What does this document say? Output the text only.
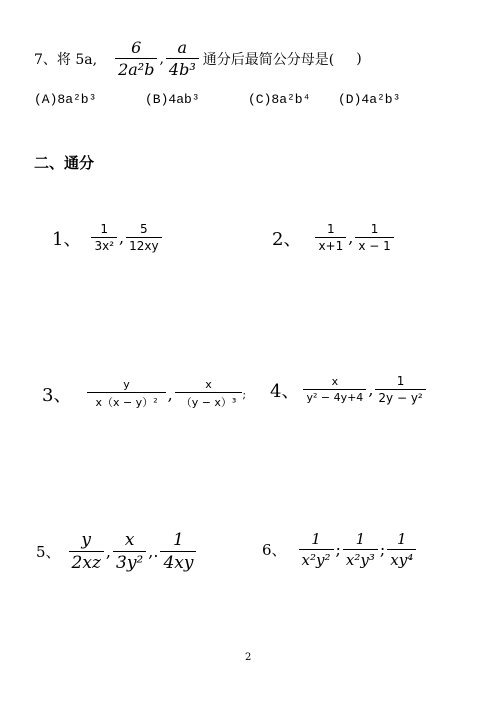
7、将 5a, $\frac{6}{\text{2a²b}}$ , $\frac{a}{\text{4b³}}$ 通分后最简公分母是( )
(A)8a²b³	(B)4ab³	(C)8a²b⁴ (D)4a²b³
二、通分
1、 $\frac{1}{\text{3x²}}$ , $\frac{5}{12xy}$	2、 $\frac{1}{x+1}$ , $\frac{1}{x - 1}$
3、 $\frac{y}{\text{x（x − y）²}}$ , $\frac{x}{\text{（y − x）³}}$ ; 4、 $\frac{x}{\text{y² − 4y+4}}$ , $\frac{1}{\text{2y − y²}}$
5、 $\frac{y}{2xz}$ , $\frac{x}{\text{3y²}}$ ,. $\frac{1}{4xy}$	6、 $\frac{1}{\text{x²y²}}$ ; $\frac{1}{\text{x²y³}}$ ; $\frac{1}{\text{xy⁴}}$
2
